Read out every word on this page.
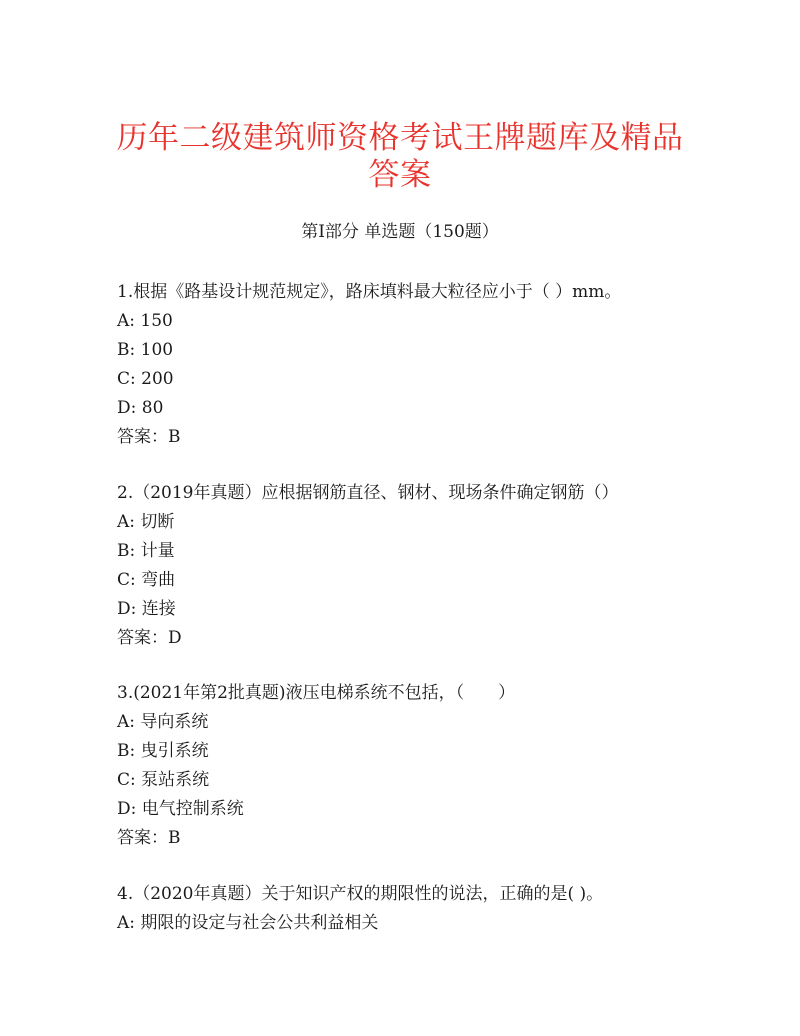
历年二级建筑师资格考试王牌题库及精品答案
第Ⅰ部分 单选题（150题）
1.根据《路基设计规范规定》，路床填料最大粒径应小于（ ）mm。
A: 150
B: 100
C: 200
D: 80
答案：B
2.（2019年真题）应根据钢筋直径、钢材、现场条件确定钢筋（）
A: 切断
B: 计量
C: 弯曲
D: 连接
答案：D
3.(2021年第2批真题)液压电梯系统不包括，（　　）
A: 导向系统
B: 曳引系统
C: 泵站系统
D: 电气控制系统
答案：B
4.（2020年真题）关于知识产权的期限性的说法，正确的是( )。
A: 期限的设定与社会公共利益相关
